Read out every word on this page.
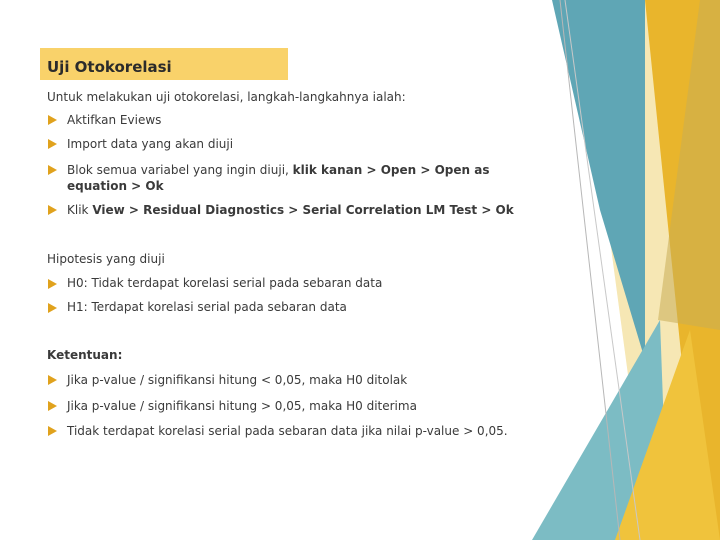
Uji Otokorelasi
Untuk melakukan uji otokorelasi, langkah-langkahnya ialah:
Aktifkan Eviews
Import data yang akan diuji
Blok semua variabel yang ingin diuji, klik kanan > Open > Open as
equation > Ok
Klik View > Residual Diagnostics > Serial Correlation LM Test > Ok
Hipotesis yang diuji
H0: Tidak terdapat korelasi serial pada sebaran data
H1: Terdapat korelasi serial pada sebaran data
Ketentuan:
Jika p-value / signifikansi hitung < 0,05, maka H0 ditolak
Jika p-value / signifikansi hitung > 0,05, maka H0 diterima
Tidak terdapat korelasi serial pada sebaran data jika nilai p-value > 0,05.
